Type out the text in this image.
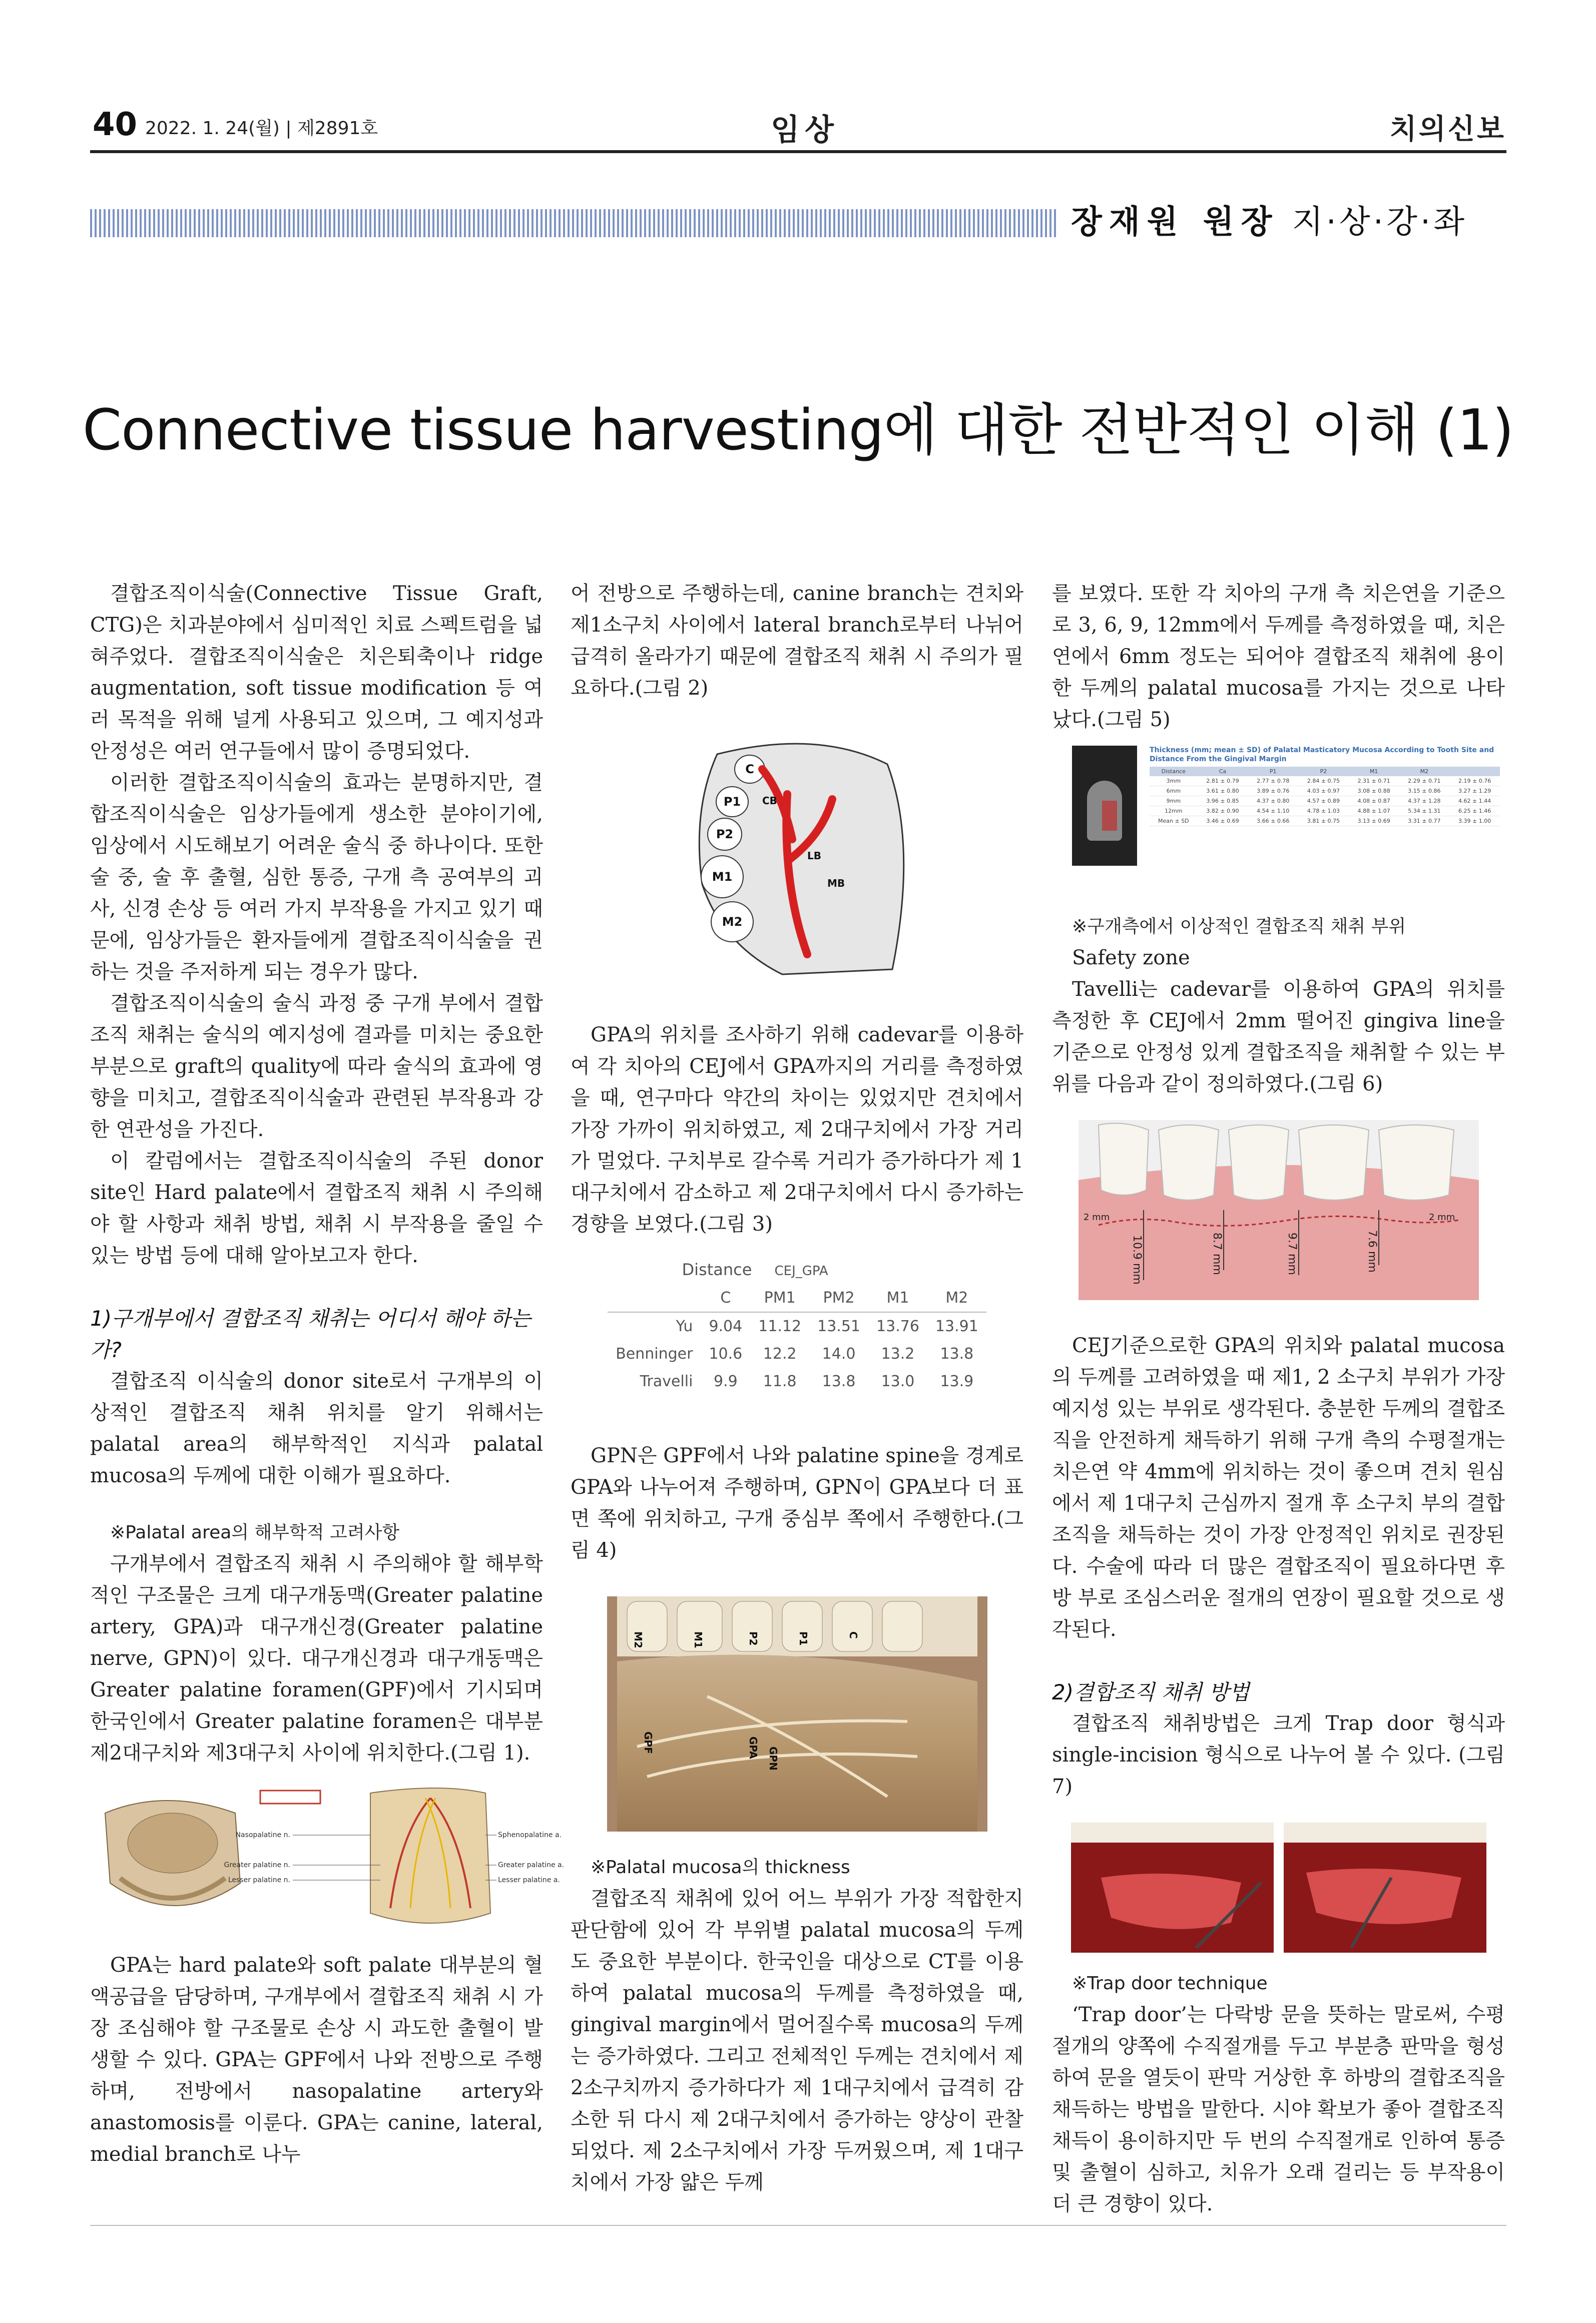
40 2022. 1. 24(월) | 제2891호	임상	치의신보
장재원 원장 지·상·강·좌
Connective tissue harvesting에 대한 전반적인 이해 (1)

결합조직이식술(Connective Tissue Graft, CTG)은 치과분야에서 심미적인 치료 스펙트럼을 넓혀주었다. 결합조직이식술은 치은퇴축이나 ridge augmentation, soft tissue modification 등 여러 목적을 위해 널게 사용되고 있으며, 그 예지성과 안정성은 여러 연구들에서 많이 증명되었다.

이러한 결합조직이식술의 효과는 분명하지만, 결합조직이식술은 임상가들에게 생소한 분야이기에, 임상에서 시도해보기 어려운 술식 중 하나이다. 또한 술 중, 술 후 출혈, 심한 통증, 구개 측 공여부의 괴사, 신경 손상 등 여러 가지 부작용을 가지고 있기 때문에, 임상가들은 환자들에게 결합조직이식술을 권하는 것을 주저하게 되는 경우가 많다.

결합조직이식술의 술식 과정 중 구개 부에서 결합조직 채취는 술식의 예지성에 결과를 미치는 중요한 부분으로 graft의 quality에 따라 술식의 효과에 영향을 미치고, 결합조직이식술과 관련된 부작용과 강한 연관성을 가진다.

이 칼럼에서는 결합조직이식술의 주된 donor site인 Hard palate에서 결합조직 채취 시 주의해야 할 사항과 채취 방법, 채취 시 부작용을 줄일 수 있는 방법 등에 대해 알아보고자 한다.

1)구개부에서 결합조직 채취는 어디서 해야 하는가?

결합조직 이식술의 donor site로서 구개부의 이상적인 결합조직 채취 위치를 알기 위해서는 palatal area의 해부학적인 지식과 palatal mucosa의 두께에 대한 이해가 필요하다.

※Palatal area의 해부학적 고려사항

구개부에서 결합조직 채취 시 주의해야 할 해부학적인 구조물은 크게 대구개동맥(Greater palatine artery, GPA)과 대구개신경(Greater palatine nerve, GPN)이 있다. 대구개신경과 대구개동맥은 Greater palatine foramen(GPF)에서 기시되며 한국인에서 Greater palatine foramen은 대부분 제2대구치와 제3대구치 사이에 위치한다.(그림 1).

Nasopalatine n.
Greater palatine n.
Lesser palatine n.
Sphenopalatine a.
Greater palatine a.
Lesser palatine a.

GPA는 hard palate와 soft palate 대부분의 혈액공급을 담당하며, 구개부에서 결합조직 채취 시 가장 조심해야 할 구조물로 손상 시 과도한 출혈이 발생할 수 있다. GPA는 GPF에서 나와 전방으로 주행하며, 전방에서 nasopalatine artery와 anastomosis를 이룬다. GPA는 canine, lateral, medial branch로 나누

어 전방으로 주행하는데, canine branch는 견치와 제1소구치 사이에서 lateral branch로부터 나뉘어 급격히 올라가기 때문에 결합조직 채취 시 주의가 필요하다.(그림 2)

C
P1
P2
M1
M2
CB
LB
MB

GPA의 위치를 조사하기 위해 cadevar를 이용하여 각 치아의 CEJ에서 GPA까지의 거리를 측정하였을 때, 연구마다 약간의 차이는 있었지만 견치에서 가장 가까이 위치하였고, 제 2대구치에서 가장 거리가 멀었다. 구치부로 갈수록 거리가 증가하다가 제 1대구치에서 감소하고 제 2대구치에서 다시 증가하는 경향을 보였다.(그림 3)

Distance CEJ_GPA
	C	PM1	PM2	M1	M2
Yu	9.04	11.12	13.51	13.76	13.91
Benninger	10.6	12.2	14.0	13.2	13.8
Travelli	9.9	11.8	13.8	13.0	13.9

GPN은 GPF에서 나와 palatine spine을 경계로 GPA와 나누어져 주행하며, GPN이 GPA보다 더 표면 쪽에 위치하고, 구개 중심부 쪽에서 주행한다.(그림 4)

M2	M1	P2	P1	C
GPF	GPA GPN

※Palatal mucosa의 thickness

결합조직 채취에 있어 어느 부위가 가장 적합한지 판단함에 있어 각 부위별 palatal mucosa의 두께도 중요한 부분이다. 한국인을 대상으로 CT를 이용하여 palatal mucosa의 두께를 측정하였을 때, gingival margin에서 멀어질수록 mucosa의 두께는 증가하였다. 그리고 전체적인 두께는 견치에서 제 2소구치까지 증가하다가 제 1대구치에서 급격히 감소한 뒤 다시 제 2대구치에서 증가하는 양상이 관찰되었다. 제 2소구치에서 가장 두꺼웠으며, 제 1대구치에서 가장 얇은 두께

를 보였다. 또한 각 치아의 구개 측 치은연을 기준으로 3, 6, 9, 12mm에서 두께를 측정하였을 때, 치은연에서 6mm 정도는 되어야 결합조직 채취에 용이한 두께의 palatal mucosa를 가지는 것으로 나타났다.(그림 5)

Thickness (mm; mean ± SD) of Palatal Masticatory Mucosa According to Tooth Site and Distance From the Gingival Margin
Distance	Ca	P1	P2	M1	M2	
3mm	2.81 ± 0.79	2.77 ± 0.78	2.84 ± 0.75	2.31 ± 0.71	2.29 ± 0.71	2.19 ± 0.76
6mm	3.61 ± 0.80	3.89 ± 0.76	4.03 ± 0.97	3.08 ± 0.88	3.15 ± 0.86	3.27 ± 1.29
9mm	3.96 ± 0.85	4.37 ± 0.80	4.57 ± 0.89	4.08 ± 0.87	4.37 ± 1.28	4.62 ± 1.44
12mm	3.82 ± 0.90	4.54 ± 1.10	4.78 ± 1.03	4.88 ± 1.07	5.34 ± 1.31	6.25 ± 1.46
Mean ± SD	3.46 ± 0.69	3.66 ± 0.66	3.81 ± 0.75	3.13 ± 0.69	3.31 ± 0.77	3.39 ± 1.00

※구개측에서 이상적인 결합조직 채취 부위

Safety zone

Tavelli는 cadevar를 이용하여 GPA의 위치를 측정한 후 CEJ에서 2mm 떨어진 gingiva line을 기준으로 안정성 있게 결합조직을 채취할 수 있는 부위를 다음과 같이 정의하였다.(그림 6)

10.9 mm	8.7 mm	9.7 mm	7.6 mm
2 mm	2 mm

CEJ기준으로한 GPA의 위치와 palatal mucosa의 두께를 고려하였을 때 제1, 2 소구치 부위가 가장 예지성 있는 부위로 생각된다. 충분한 두께의 결합조직을 안전하게 채득하기 위해 구개 측의 수평절개는 치은연 약 4mm에 위치하는 것이 좋으며 견치 원심에서 제 1대구치 근심까지 절개 후 소구치 부의 결합조직을 채득하는 것이 가장 안정적인 위치로 권장된다. 수술에 따라 더 많은 결합조직이 필요하다면 후방 부로 조심스러운 절개의 연장이 필요할 것으로 생각된다.

2)결합조직 채취 방법

결합조직 채취방법은 크게 Trap door 형식과 single-incision 형식으로 나누어 볼 수 있다. (그림 7)

※Trap door technique

‘Trap door’는 다락방 문을 뜻하는 말로써, 수평절개의 양쪽에 수직절개를 두고 부분층 판막을 형성하여 문을 열듯이 판막 거상한 후 하방의 결합조직을 채득하는 방법을 말한다. 시야 확보가 좋아 결합조직 채득이 용이하지만 두 번의 수직절개로 인하여 통증 및 출혈이 심하고, 치유가 오래 걸리는 등 부작용이 더 큰 경향이 있다.
